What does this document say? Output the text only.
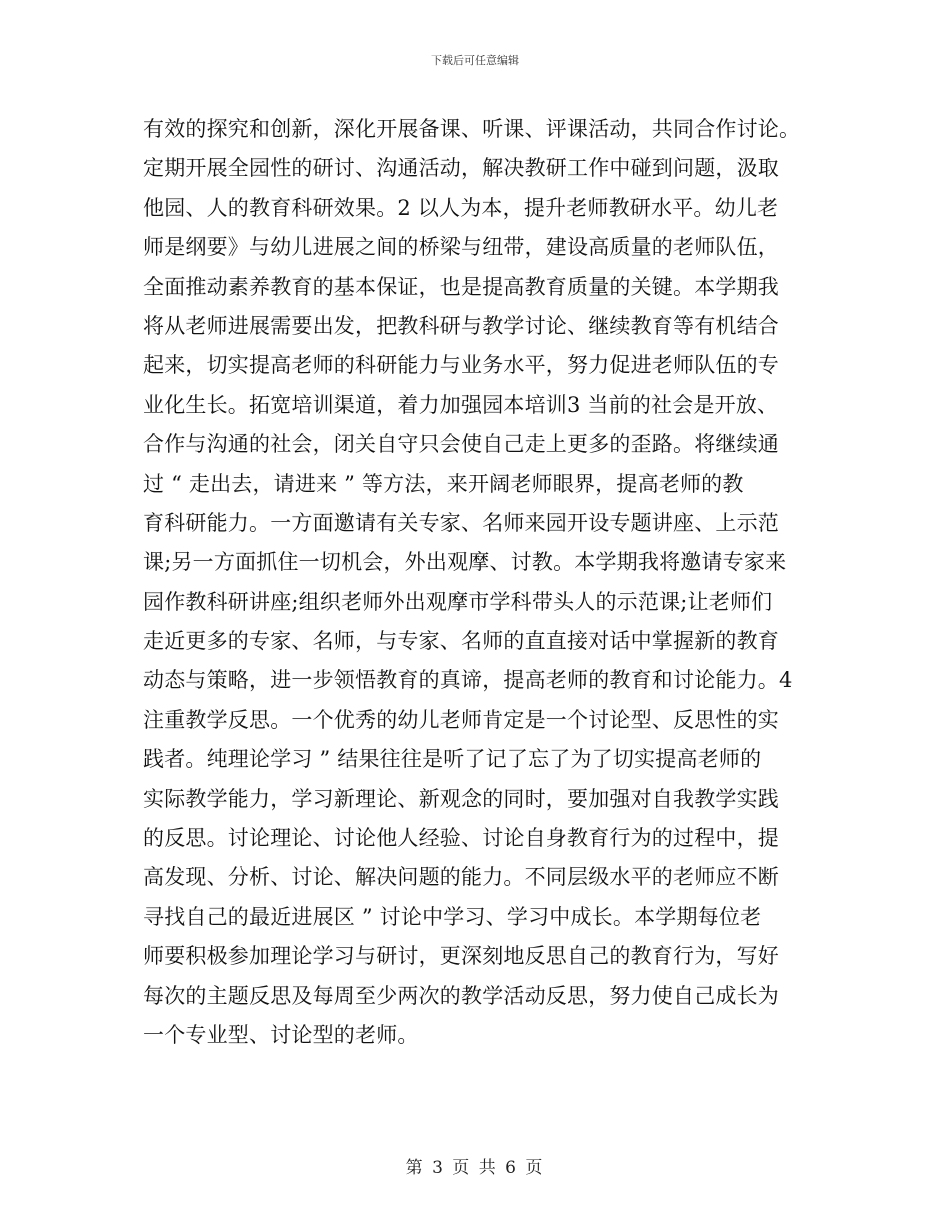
下载后可任意编辑
有效的探究和创新，深化开展备课、听课、评课活动，共同合作讨论。
定期开展全园性的研讨、沟通活动，解决教研工作中碰到问题，汲取
他园、人的教育科研效果。2 以人为本，提升老师教研水平。幼儿老
师是纲要》与幼儿进展之间的桥梁与纽带，建设高质量的老师队伍，
全面推动素养教育的基本保证，也是提高教育质量的关键。本学期我
将从老师进展需要出发，把教科研与教学讨论、继续教育等有机结合
起来，切实提高老师的科研能力与业务水平，努力促进老师队伍的专
业化生长。拓宽培训渠道，着力加强园本培训3 当前的社会是开放、
合作与沟通的社会，闭关自守只会使自己走上更多的歪路。将继续通
过 “ 走出去，请进来 ” 等方法，来开阔老师眼界，提高老师的教
育科研能力。一方面邀请有关专家、名师来园开设专题讲座、上示范
课;另一方面抓住一切机会，外出观摩、讨教。本学期我将邀请专家来
园作教科研讲座;组织老师外出观摩市学科带头人的示范课;让老师们
走近更多的专家、名师，与专家、名师的直直接对话中掌握新的教育
动态与策略，进一步领悟教育的真谛，提高老师的教育和讨论能力。4
注重教学反思。一个优秀的幼儿老师肯定是一个讨论型、反思性的实
践者。纯理论学习 ” 结果往往是听了记了忘了为了切实提高老师的
实际教学能力，学习新理论、新观念的同时，要加强对自我教学实践
的反思。讨论理论、讨论他人经验、讨论自身教育行为的过程中，提
高发现、分析、讨论、解决问题的能力。不同层级水平的老师应不断
寻找自己的最近进展区 ” 讨论中学习、学习中成长。本学期每位老
师要积极参加理论学习与研讨，更深刻地反思自己的教育行为，写好
每次的主题反思及每周至少两次的教学活动反思，努力使自己成长为
一个专业型、讨论型的老师。
第 3 页 共 6 页
